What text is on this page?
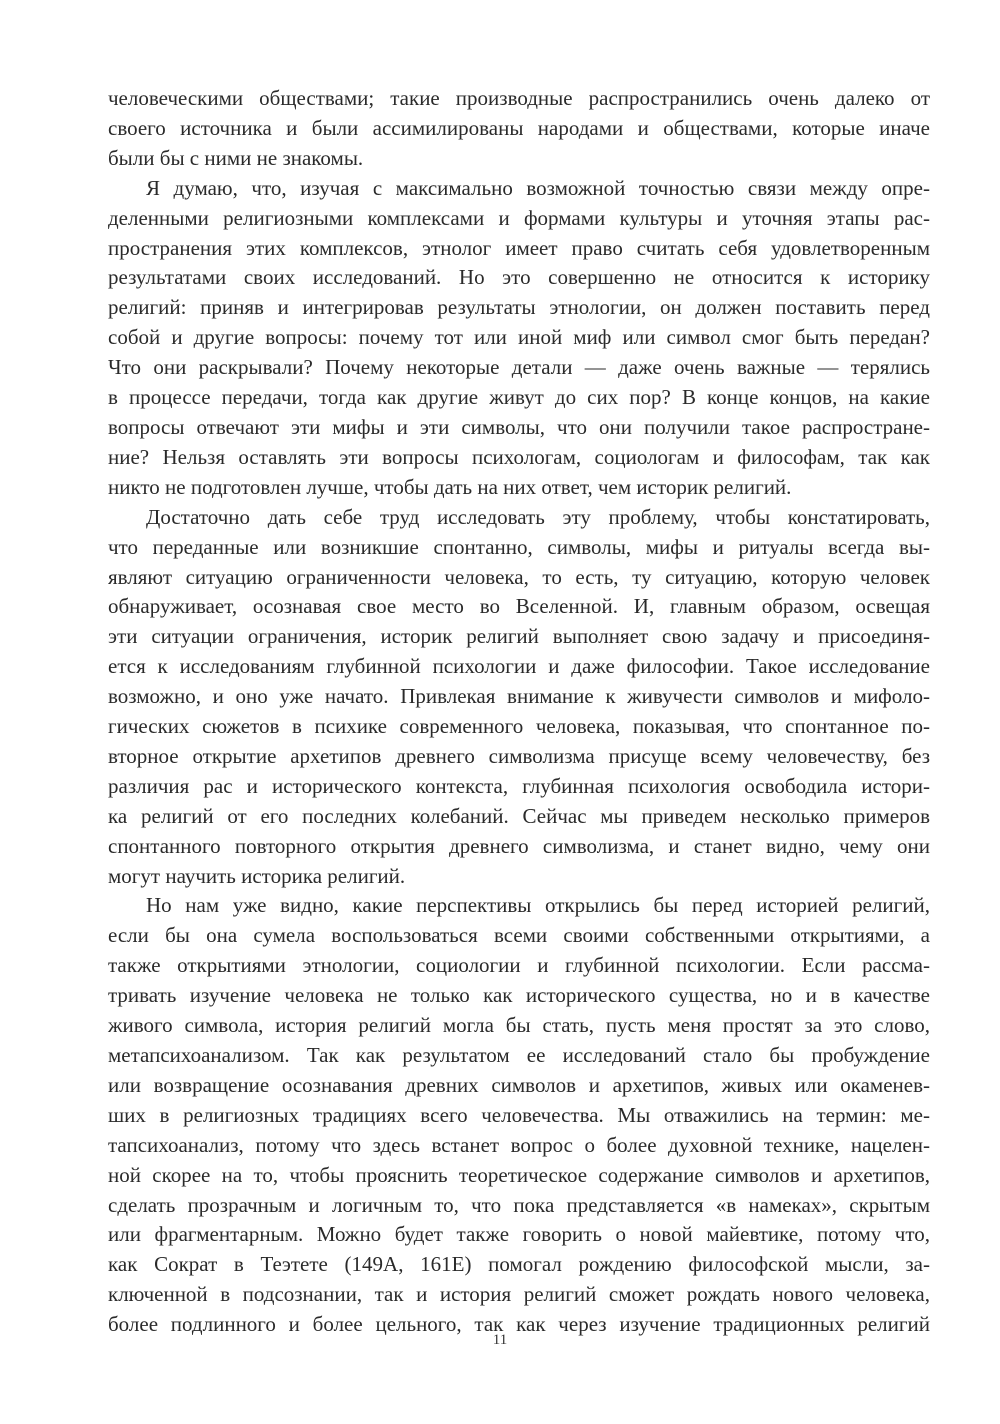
человеческими обществами; такие производные распространились очень далеко от
своего источника и были ассимилированы народами и обществами, которые иначе
были бы с ними не знакомы.
Я думаю, что, изучая с максимально возможной точностью связи между опре-
деленными религиозными комплексами и формами культуры и уточняя этапы рас-
пространения этих комплексов, этнолог имеет право считать себя удовлетворенным
результатами своих исследований. Но это совершенно не относится к историку
религий: приняв и интегрировав результаты этнологии, он должен поставить перед
собой и другие вопросы: почему тот или иной миф или символ смог быть передан?
Что они раскрывали? Почему некоторые детали — даже очень важные — терялись
в процессе передачи, тогда как другие живут до сих пор? В конце концов, на какие
вопросы отвечают эти мифы и эти символы, что они получили такое распростране-
ние? Нельзя оставлять эти вопросы психологам, социологам и философам, так как
никто не подготовлен лучше, чтобы дать на них ответ, чем историк религий.
Достаточно дать себе труд исследовать эту проблему, чтобы констатировать,
что переданные или возникшие спонтанно, символы, мифы и ритуалы всегда вы-
являют ситуацию ограниченности человека, то есть, ту ситуацию, которую человек
обнаруживает, осознавая свое место во Вселенной. И, главным образом, освещая
эти ситуации ограничения, историк религий выполняет свою задачу и присоединя-
ется к исследованиям глубинной психологии и даже философии. Такое исследование
возможно, и оно уже начато. Привлекая внимание к живучести символов и мифоло-
гических сюжетов в психике современного человека, показывая, что спонтанное по-
вторное открытие архетипов древнего символизма присуще всему человечеству, без
различия рас и исторического контекста, глубинная психология освободила истори-
ка религий от его последних колебаний. Сейчас мы приведем несколько примеров
спонтанного повторного открытия древнего символизма, и станет видно, чему они
могут научить историка религий.
Но нам уже видно, какие перспективы открылись бы перед историей религий,
если бы она сумела воспользоваться всеми своими собственными открытиями, а
также открытиями этнологии, социологии и глубинной психологии. Если рассма-
тривать изучение человека не только как исторического существа, но и в качестве
живого символа, история религий могла бы стать, пусть меня простят за это слово,
метапсихоанализом. Так как результатом ее исследований стало бы пробуждение
или возвращение осознавания древних символов и архетипов, живых или окаменев-
ших в религиозных традициях всего человечества. Мы отважились на термин: ме-
тапсихоанализ, потому что здесь встанет вопрос о более духовной технике, нацелен-
ной скорее на то, чтобы прояснить теоретическое содержание символов и архетипов,
сделать прозрачным и логичным то, что пока представляется «в намеках», скрытым
или фрагментарным. Можно будет также говорить о новой майевтике, потому что,
как Сократ в Теэтете (149А, 161Е) помогал рождению философской мысли, за-
ключенной в подсознании, так и история религий сможет рождать нового человека,
более подлинного и более цельного, так как через изучение традиционных религий
11
